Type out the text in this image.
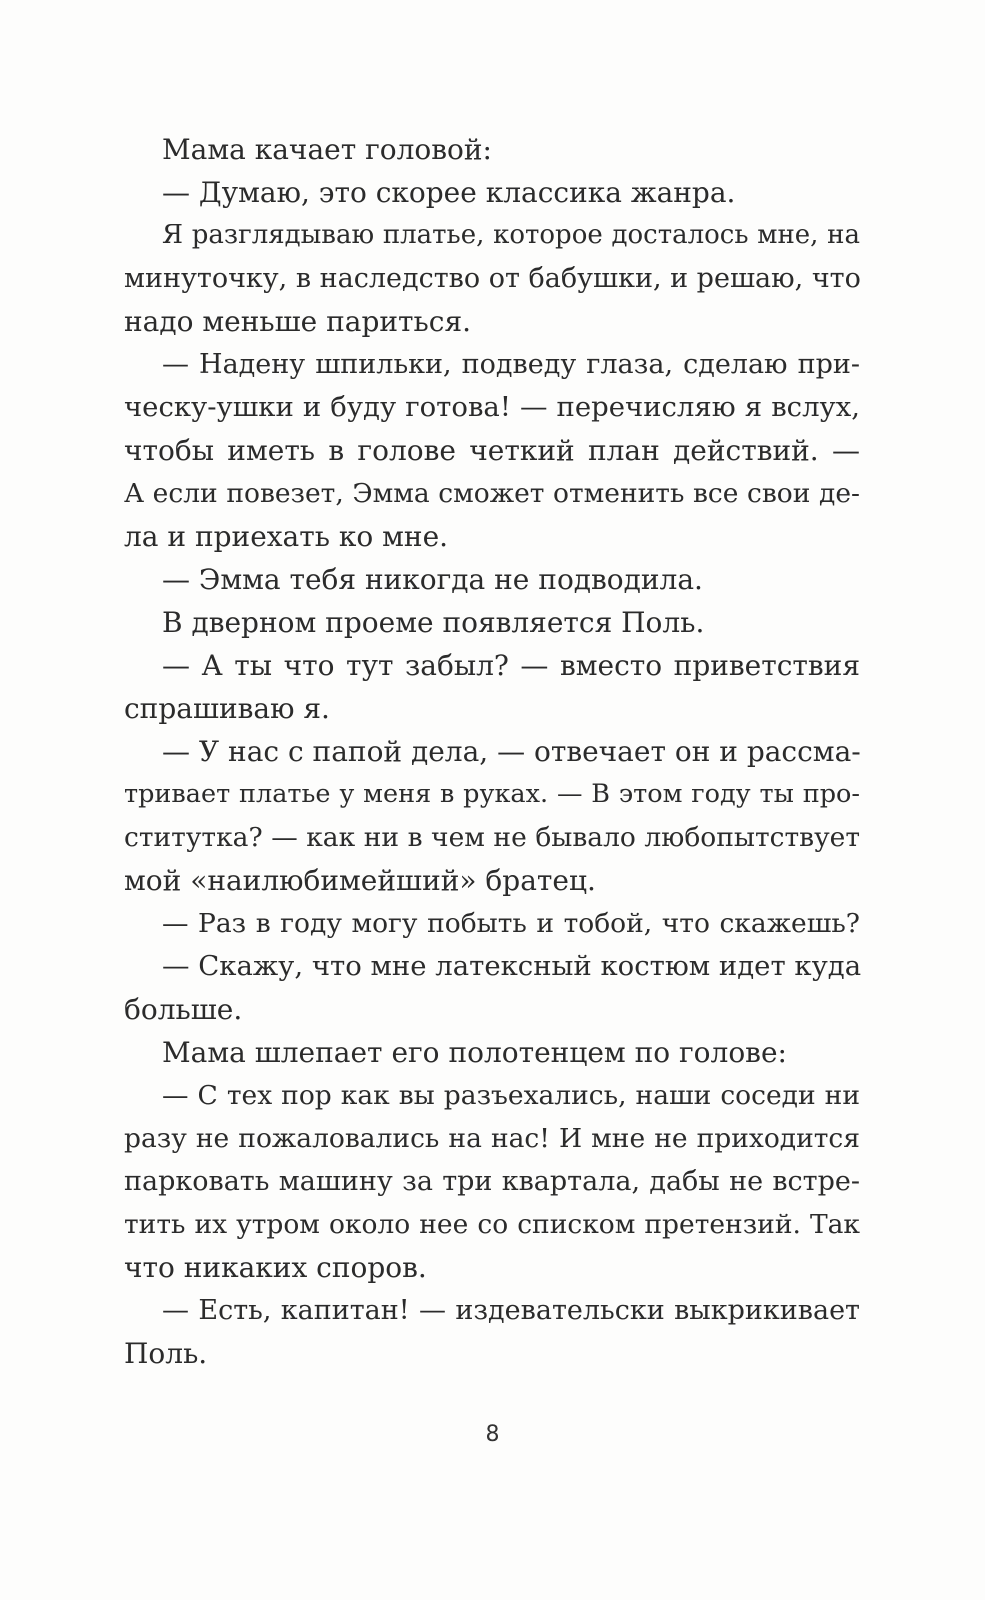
Мама качает головой:
— Думаю, это скорее классика жанра.
Я разглядываю платье, которое досталось мне, на
минуточку, в наследство от бабушки, и решаю, что
надо меньше париться.
— Надену шпильки, подведу глаза, сделаю при-
ческу-ушки и буду готова! — перечисляю я вслух,
чтобы иметь в голове четкий план действий. —
А если повезет, Эмма сможет отменить все свои де-
ла и приехать ко мне.
— Эмма тебя никогда не подводила.
В дверном проеме появляется Поль.
— А ты что тут забыл? — вместо приветствия
спрашиваю я.
— У нас с папой дела, — отвечает он и рассма-
тривает платье у меня в руках. — В этом году ты про-
ститутка? — как ни в чем не бывало любопытствует
мой «наилюбимейший» братец.
— Раз в году могу побыть и тобой, что скажешь?
— Скажу, что мне латексный костюм идет куда
больше.
Мама шлепает его полотенцем по голове:
— С тех пор как вы разъехались, наши соседи ни
разу не пожаловались на нас! И мне не приходится
парковать машину за три квартала, дабы не встре-
тить их утром около нее со списком претензий. Так
что никаких споров.
— Есть, капитан! — издевательски выкрикивает
Поль.
8
